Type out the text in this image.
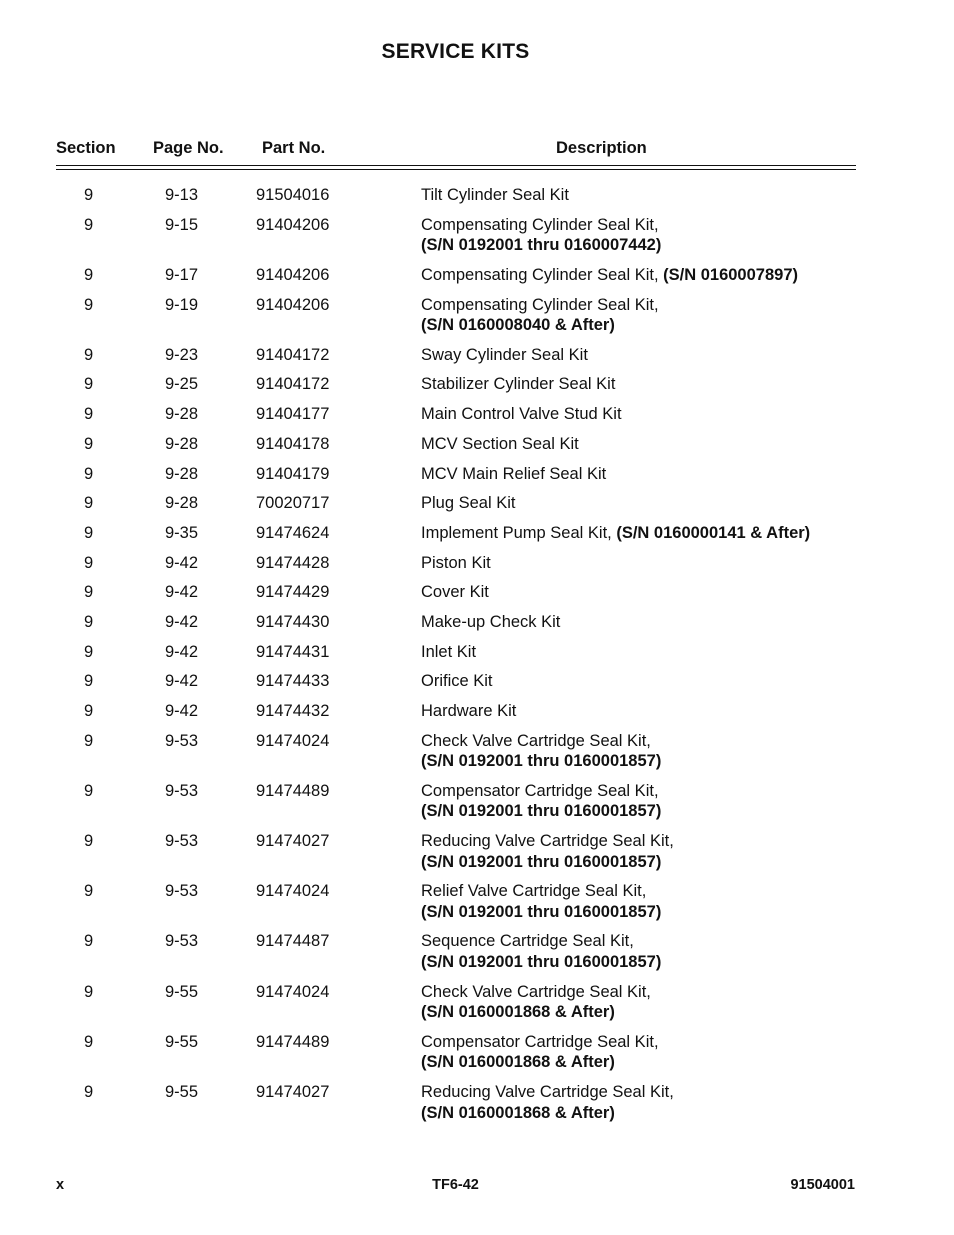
SERVICE KITS
Section Page No. Part No.	Description
9	9-13	91504016	Tilt Cylinder Seal Kit
9	9-15	91404206	Compensating Cylinder Seal Kit,
(S/N 0192001 thru 0160007442)
9	9-17	91404206	Compensating Cylinder Seal Kit, (S/N 0160007897)
9	9-19	91404206	Compensating Cylinder Seal Kit,
(S/N 0160008040 & After)
9	9-23	91404172	Sway Cylinder Seal Kit
9	9-25	91404172	Stabilizer Cylinder Seal Kit
9	9-28	91404177	Main Control Valve Stud Kit
9	9-28	91404178	MCV Section Seal Kit
9	9-28	91404179	MCV Main Relief Seal Kit
9	9-28	70020717	Plug Seal Kit
9	9-35	91474624	Implement Pump Seal Kit, (S/N 0160000141 & After)
9	9-42	91474428	Piston Kit
9	9-42	91474429	Cover Kit
9	9-42	91474430	Make-up Check Kit
9	9-42	91474431	Inlet Kit
9	9-42	91474433	Orifice Kit
9	9-42	91474432	Hardware Kit
9	9-53	91474024	Check Valve Cartridge Seal Kit,
(S/N 0192001 thru 0160001857)
9	9-53	91474489	Compensator Cartridge Seal Kit,
(S/N 0192001 thru 0160001857)
9	9-53	91474027	Reducing Valve Cartridge Seal Kit,
(S/N 0192001 thru 0160001857)
9	9-53	91474024	Relief Valve Cartridge Seal Kit,
(S/N 0192001 thru 0160001857)
9	9-53	91474487	Sequence Cartridge Seal Kit,
(S/N 0192001 thru 0160001857)
9	9-55	91474024	Check Valve Cartridge Seal Kit,
(S/N 0160001868 & After)
9	9-55	91474489	Compensator Cartridge Seal Kit,
(S/N 0160001868 & After)
9	9-55	91474027	Reducing Valve Cartridge Seal Kit,
(S/N 0160001868 & After)
x	TF6-42	91504001
